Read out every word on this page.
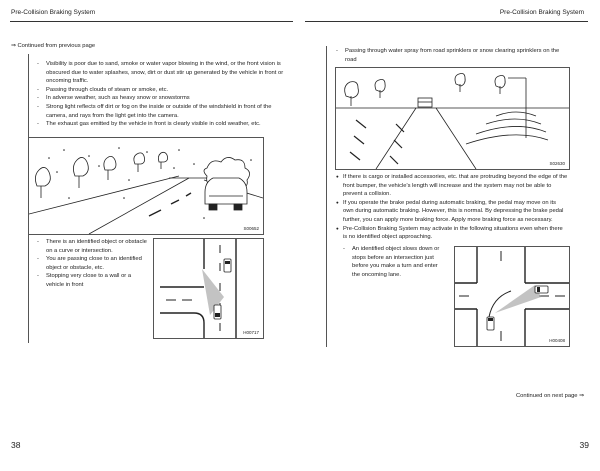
Pre-Collision Braking System	Pre-Collision Braking System
⇒ Continued from previous page
- Visibility is poor due to sand, smoke or water vapor blowing in the wind, or the front vision is obscured due to water splashes, snow, dirt or dust stir up generated by the vehicle in front or oncoming traffic.
- Passing through clouds of steam or smoke, etc.
- In adverse weather, such as heavy snow or snowstorms
- Strong light reflects off dirt or fog on the inside or outside of the windshield in front of the camera, and rays from the light get into the camera.
- The exhaust gas emitted by the vehicle in front is clearly visible in cold weather, etc.
S00652
- There is an identified object or obstacle on a curve or intersection.
- You are passing close to an identified object or obstacle, etc.
- Stopping very close to a wall or a vehicle in front
H00717
38
- Passing through water spray from road sprinklers or snow clearing sprinklers on the road
S02630
● If there is cargo or installed accessories, etc. that are protruding beyond the edge of the front bumper, the vehicle's length will increase and the system may not be able to prevent a collision.
● If you operate the brake pedal during automatic braking, the pedal may move on its own during automatic braking. However, this is normal. By depressing the brake pedal further, you can apply more braking force. Apply more braking force as necessary.
● Pre-Collision Braking System may activate in the following situations even when there is no identified object approaching.
- An identified object slows down or stops before an intersection just before you make a turn and enter the oncoming lane.
H00408
Continued on next page ⇒
39
